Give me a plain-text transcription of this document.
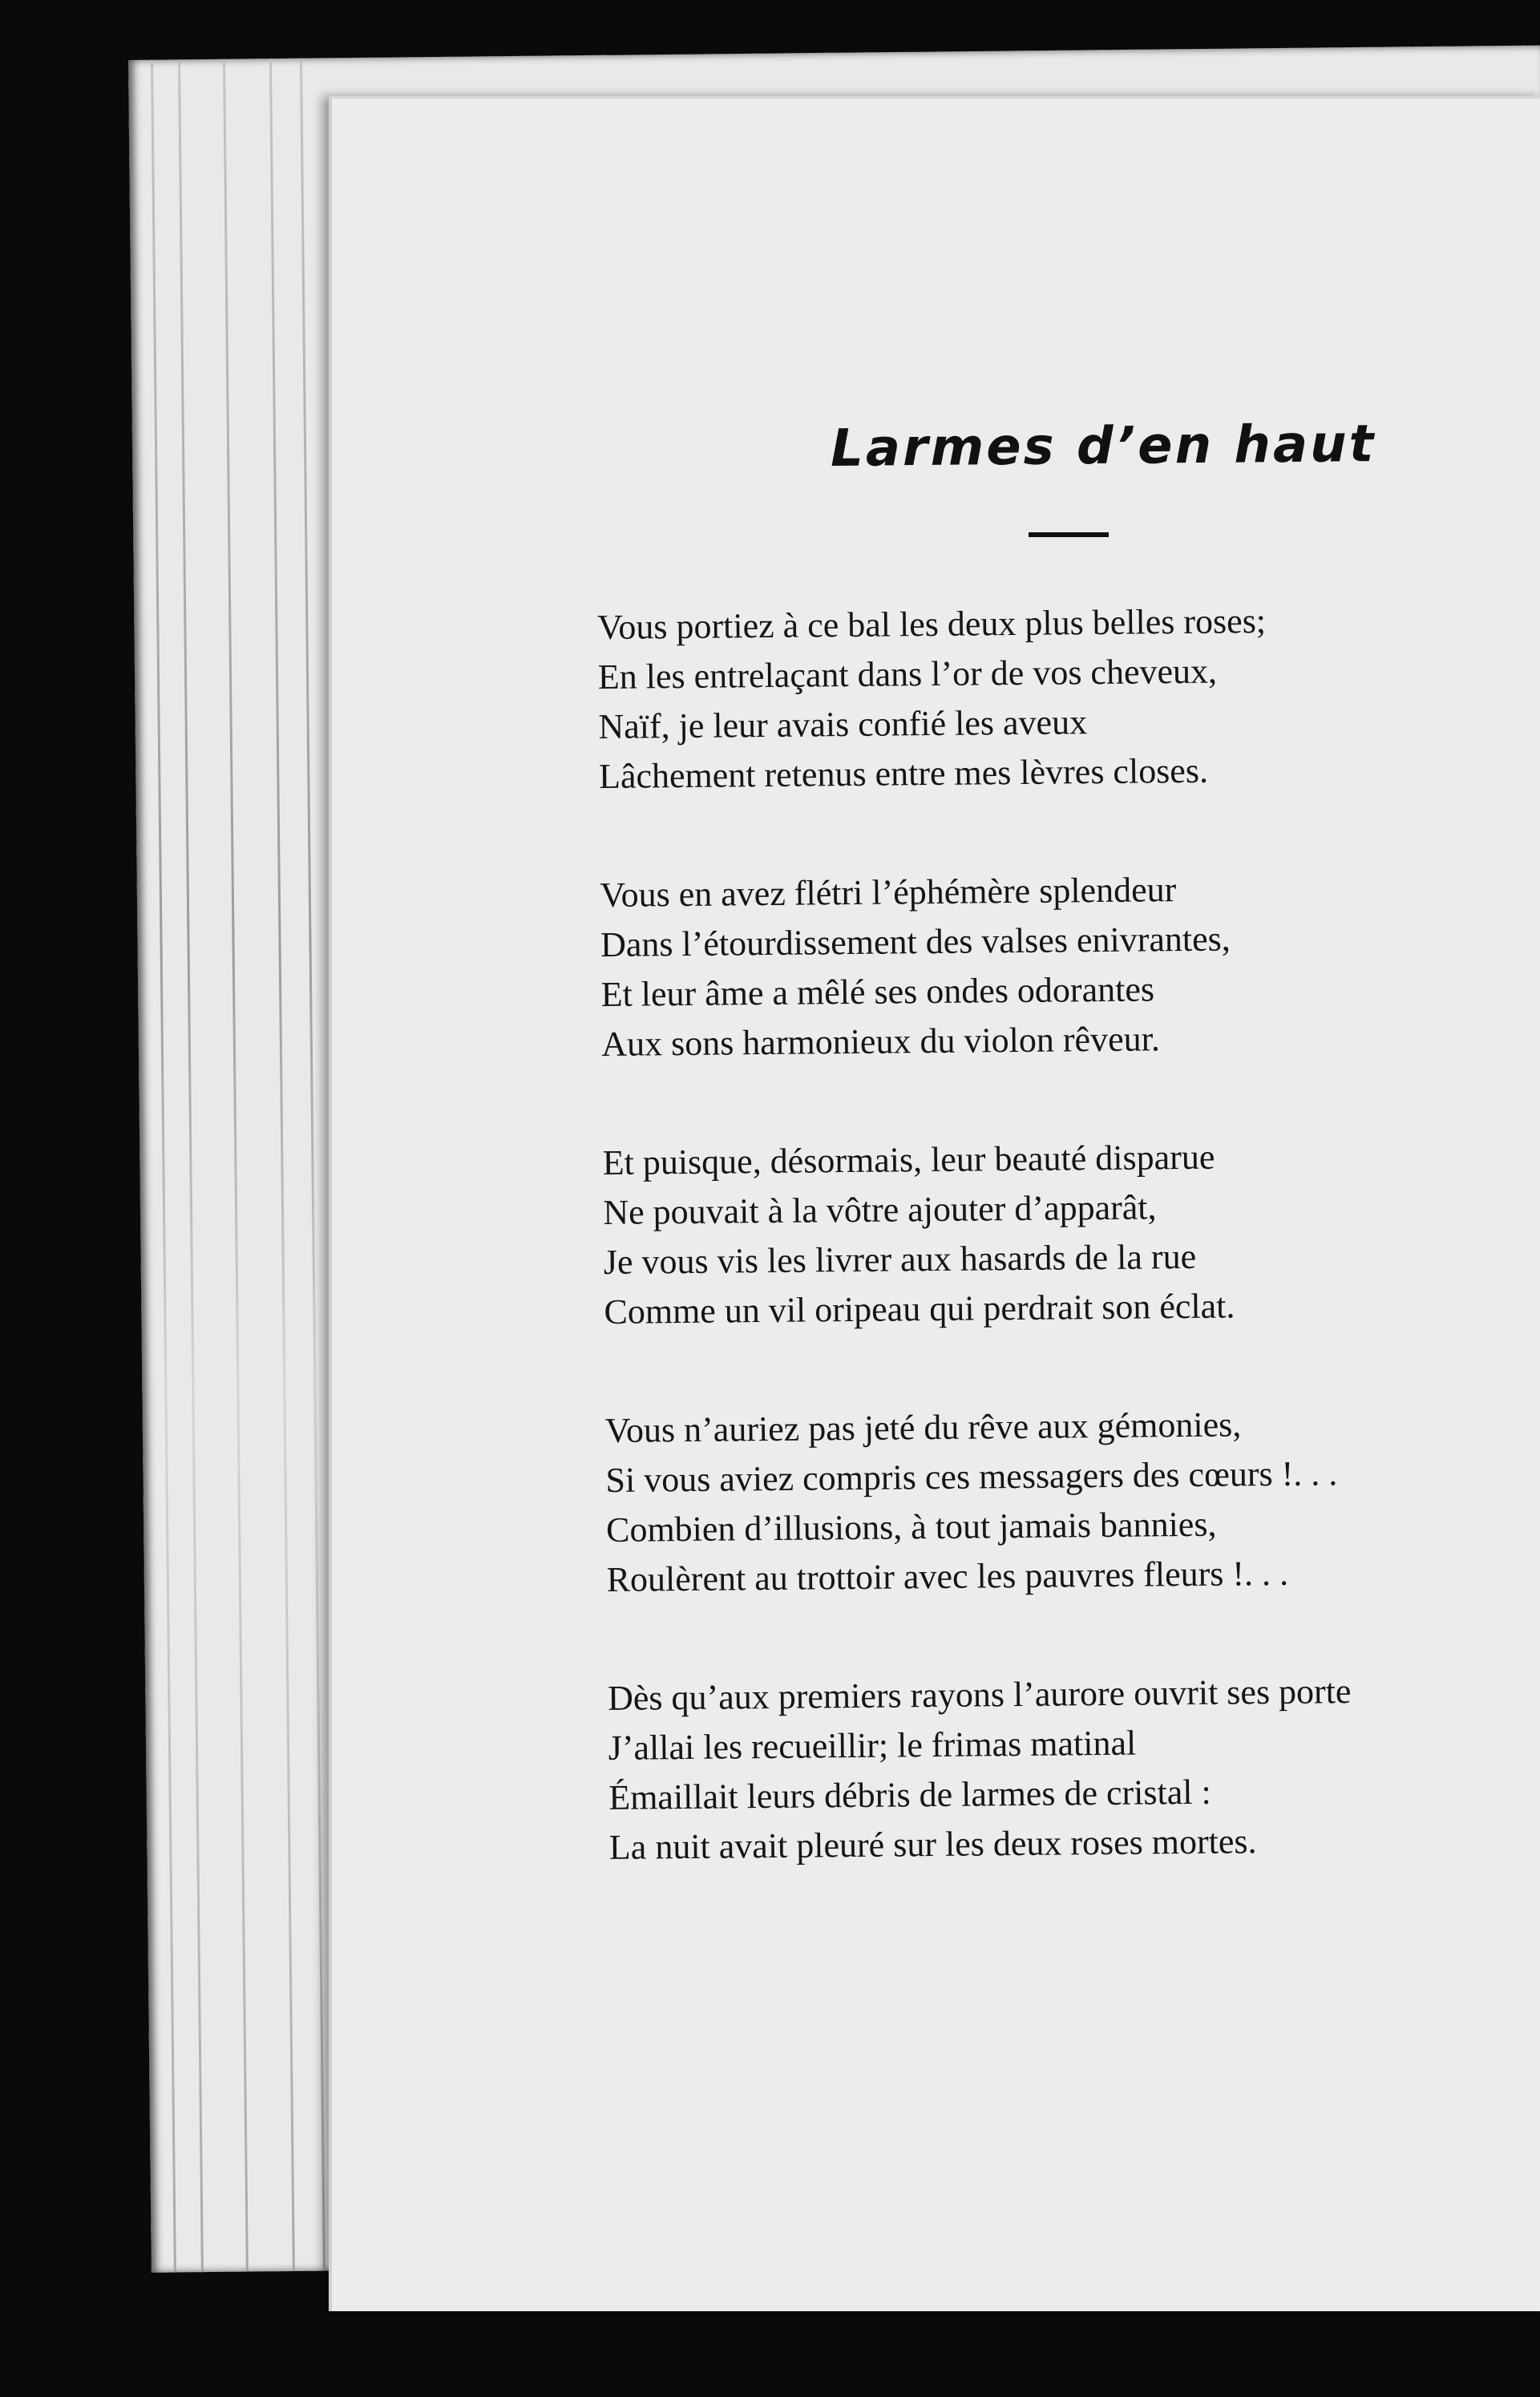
Larmes d’en haut
Vous portiez à ce bal les deux plus belles roses;
En les entrelaçant dans l’or de vos cheveux,
Naïf, je leur avais confié les aveux
Lâchement retenus entre mes lèvres closes.
Vous en avez flétri l’éphémère splendeur
Dans l’étourdissement des valses enivrantes,
Et leur âme a mêlé ses ondes odorantes
Aux sons harmonieux du violon rêveur.
Et puisque, désormais, leur beauté disparue
Ne pouvait à la vôtre ajouter d’apparât,
Je vous vis les livrer aux hasards de la rue
Comme un vil oripeau qui perdrait son éclat.
Vous n’auriez pas jeté du rêve aux gémonies,
Si vous aviez compris ces messagers des cœurs !. . .
Combien d’illusions, à tout jamais bannies,
Roulèrent au trottoir avec les pauvres fleurs !. . .
Dès qu’aux premiers rayons l’aurore ouvrit ses porte
J’allai les recueillir; le frimas matinal
Émaillait leurs débris de larmes de cristal :
La nuit avait pleuré sur les deux roses mortes.
